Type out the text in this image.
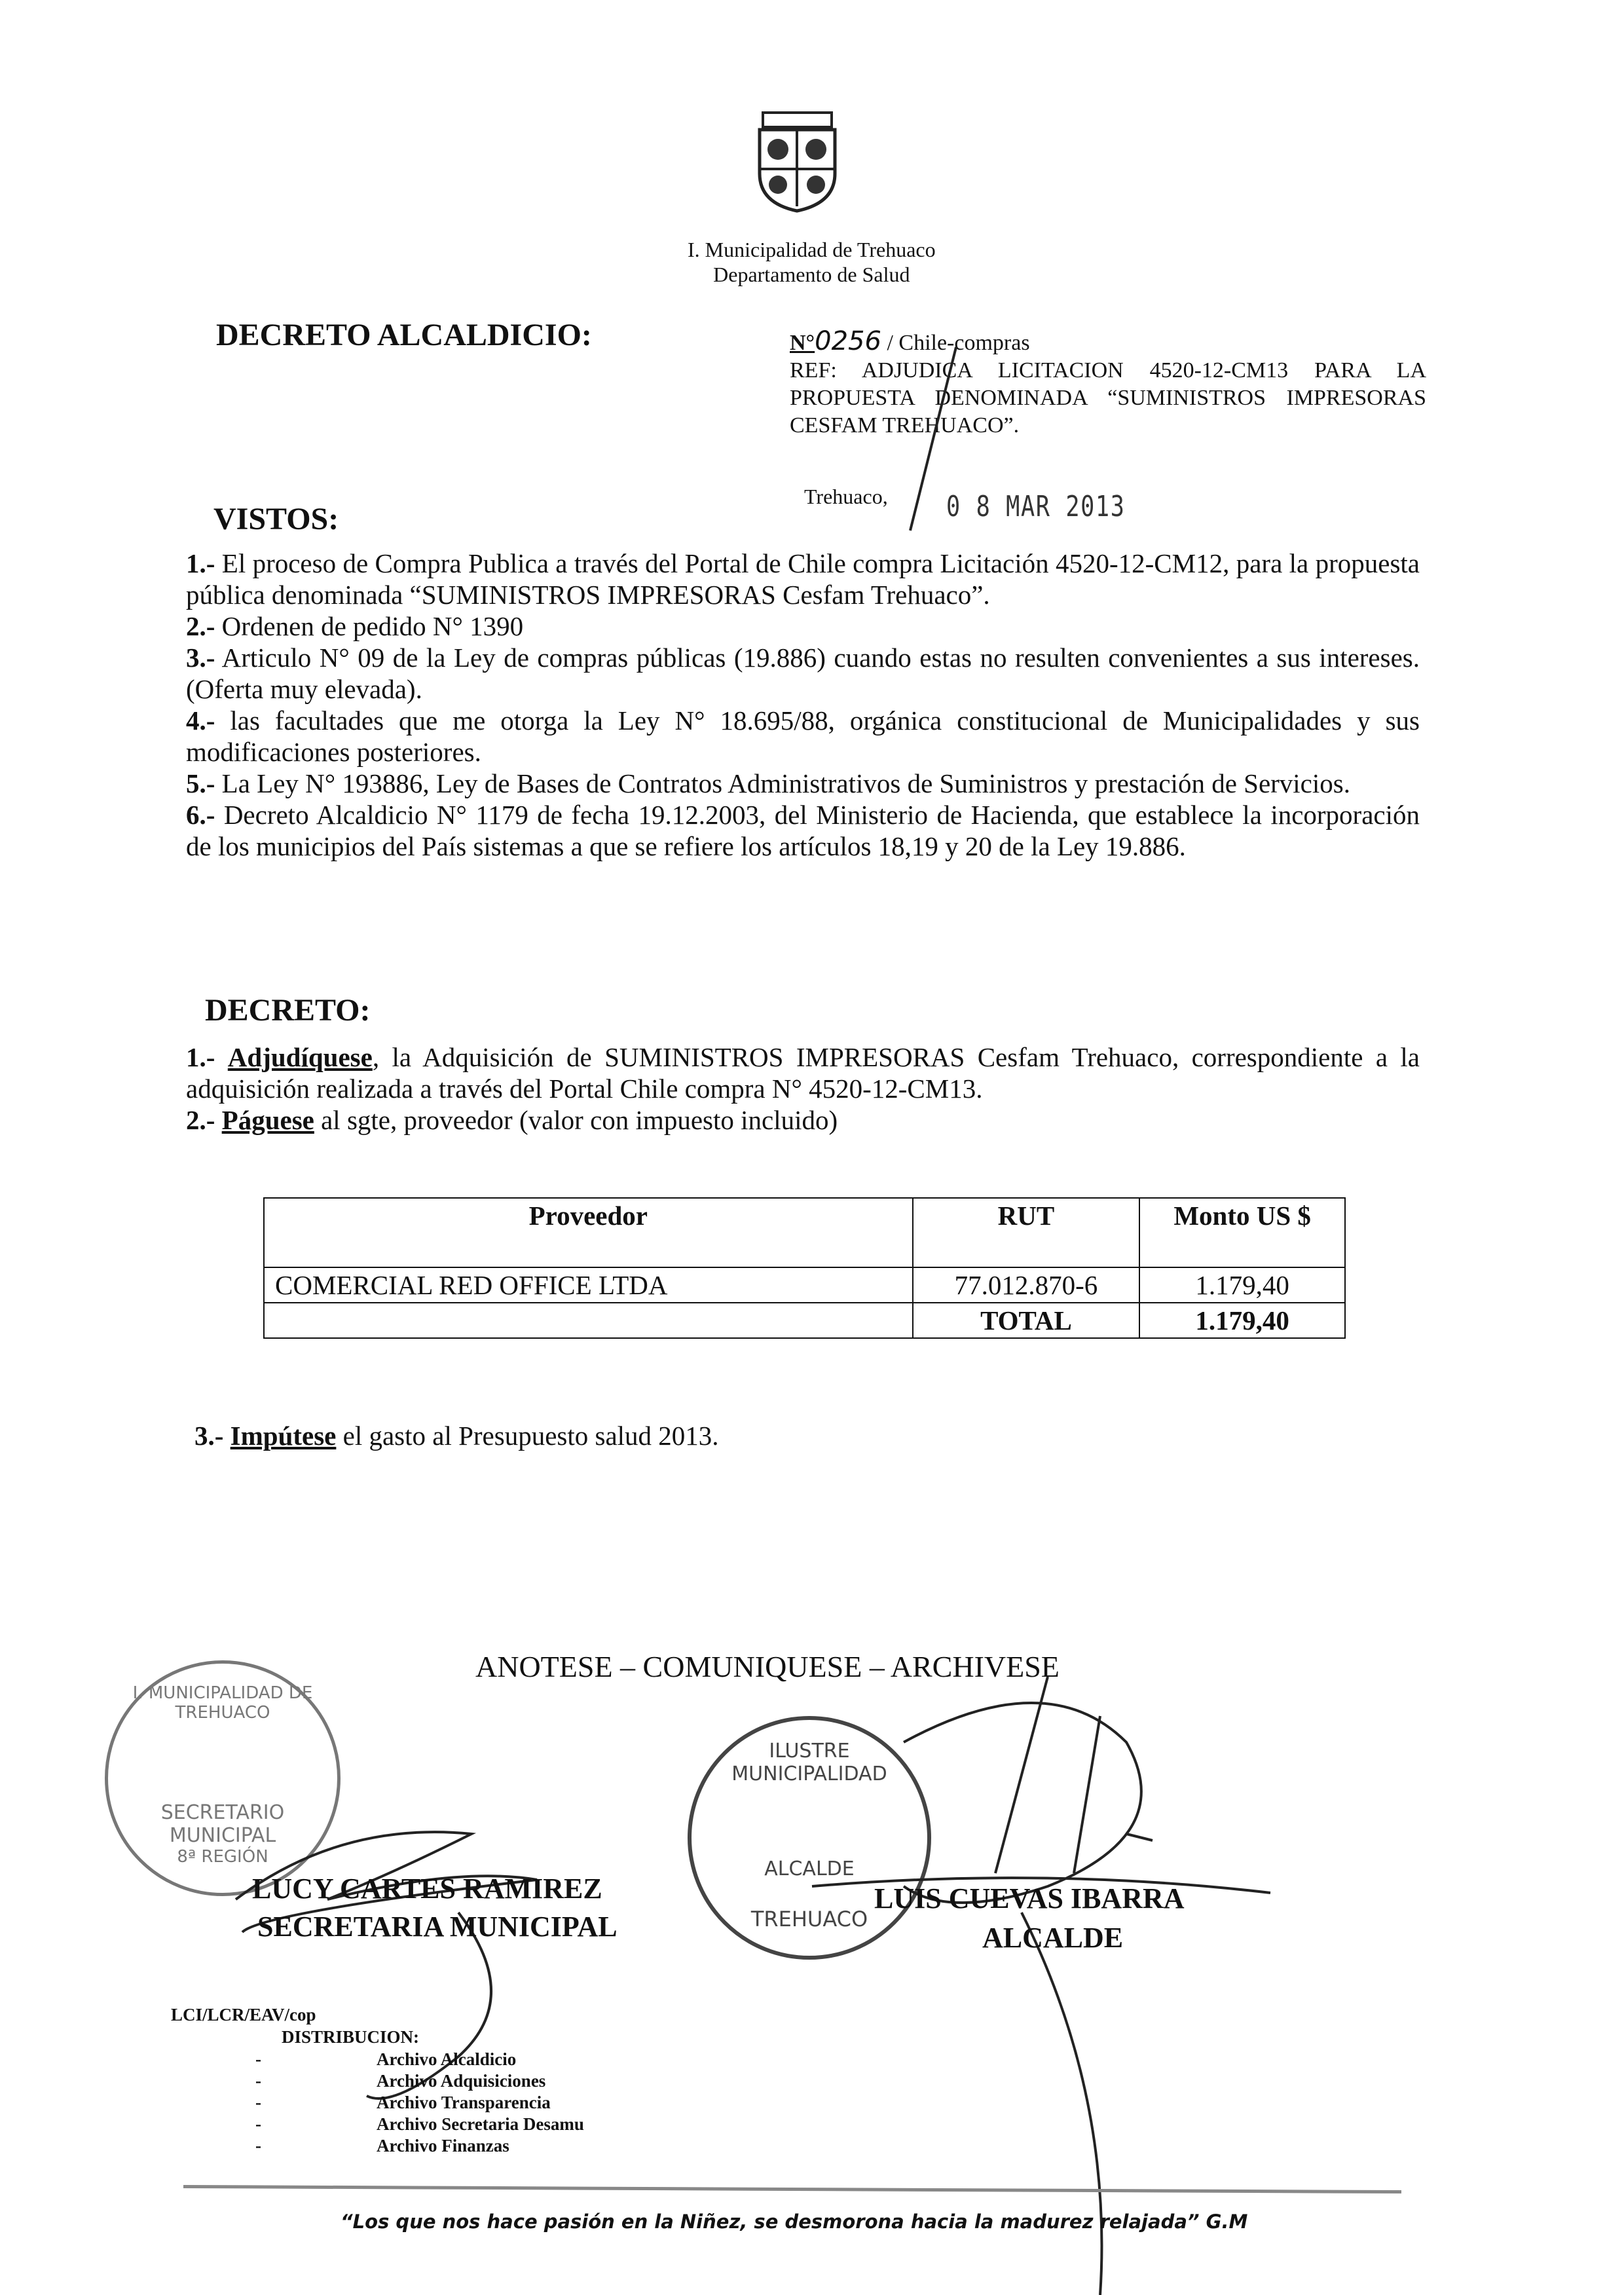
I. Municipalidad de Trehuaco
Departamento de Salud
DECRETO ALCALDICIO:	N°0256 / Chile-compras
REF: ADJUDICA LICITACION 4520-12-CM13 PARA LA PROPUESTA DENOMINADA “SUMINISTROS IMPRESORAS CESFAM TREHUACO”.
Trehuaco, 0 8 MAR 2013
VISTOS:

1.- El proceso de Compra Publica a través del Portal de Chile compra Licitación 4520-12-CM12, para la propuesta pública denominada “SUMINISTROS IMPRESORAS Cesfam Trehuaco”.

2.- Ordenen de pedido N° 1390

3.- Articulo N° 09 de la Ley de compras públicas (19.886) cuando estas no resulten convenientes a sus intereses. (Oferta muy elevada).

4.- las facultades que me otorga la Ley N° 18.695/88, orgánica constitucional de Municipalidades y sus modificaciones posteriores.

5.- La Ley N° 193886, Ley de Bases de Contratos Administrativos de Suministros y prestación de Servicios.

6.- Decreto Alcaldicio N° 1179 de fecha 19.12.2003, del Ministerio de Hacienda, que establece la incorporación de los municipios del País sistemas a que se refiere los artículos 18,19 y 20 de la Ley 19.886.

DECRETO:

1.- Adjudíquese, la Adquisición de SUMINISTROS IMPRESORAS Cesfam Trehuaco, correspondiente a la adquisición realizada a través del Portal Chile compra N° 4520-12-CM13.

2.- Páguese al sgte, proveedor (valor con impuesto incluido)

Proveedor	RUT	Monto US $
COMERCIAL RED OFFICE LTDA	77.012.870-6	1.179,40
	TOTAL	1.179,40
3.- Impútese el gasto al Presupuesto salud 2013.
ANOTESE – COMUNIQUESE – ARCHIVESE
I. MUNICIPALIDAD DE TREHUACO
SECRETARIO MUNICIPAL
8ª REGIÓN
ILUSTRE MUNICIPALIDAD
ALCALDE
TREHUACO
LUCY CARTES RAMIREZ
SECRETARIA MUNICIPAL
LUIS CUEVAS IBARRA
ALCALDE
LCI/LCR/EAV/cop
DISTRIBUCION:
-	Archivo Alcaldicio
-	Archivo Adquisiciones
-	Archivo Transparencia
-	Archivo Secretaria Desamu
-	Archivo Finanzas
“Los que nos hace pasión en la Niñez, se desmorona hacia la madurez relajada” G.M
